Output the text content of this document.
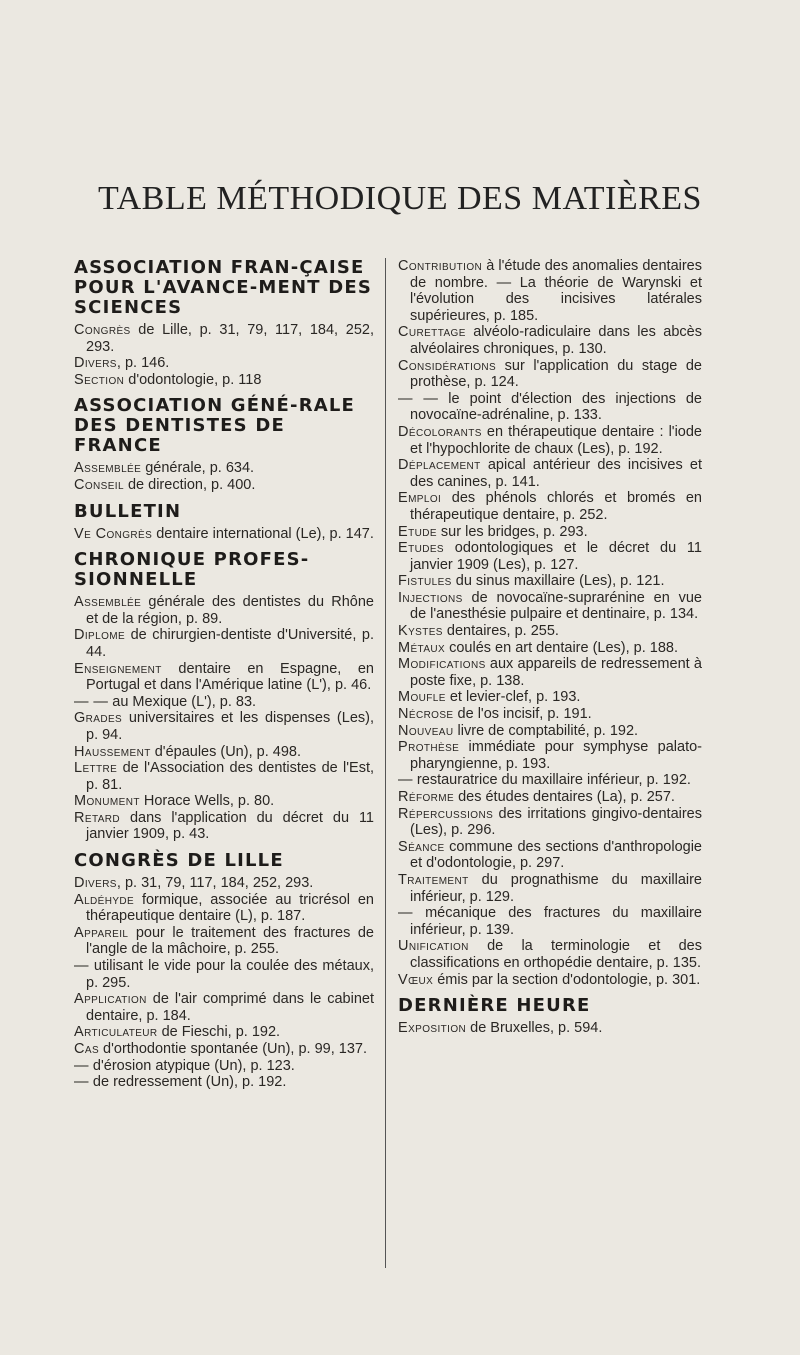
TABLE MÉTHODIQUE DES MATIÈRES
ASSOCIATION FRAN-ÇAISE POUR L'AVANCE-MENT DES SCIENCES

Congrès de Lille, p. 31, 79, 117, 184, 252, 293.

Divers, p. 146.

Section d'odontologie, p. 118

ASSOCIATION GÉNÉ-RALE DES DENTISTES DE FRANCE

Assemblée générale, p. 634.

Conseil de direction, p. 400.

BULLETIN

Ve Congrès dentaire international (Le), p. 147.

CHRONIQUE PROFES-SIONNELLE

Assemblée générale des dentistes du Rhône et de la région, p. 89.

Diplome de chirurgien-dentiste d'Université, p. 44.

Enseignement dentaire en Espagne, en Portugal et dans l'Amérique latine (L'), p. 46.

— — au Mexique (L'), p. 83.

Grades universitaires et les dispenses (Les), p. 94.

Haussement d'épaules (Un), p. 498.

Lettre de l'Association des dentistes de l'Est, p. 81.

Monument Horace Wells, p. 80.

Retard dans l'application du décret du 11 janvier 1909, p. 43.

CONGRÈS DE LILLE

Divers, p. 31, 79, 117, 184, 252, 293.

Aldéhyde formique, associée au tricrésol en thérapeutique dentaire (L), p. 187.

Appareil pour le traitement des fractures de l'angle de la mâchoire, p. 255.

— utilisant le vide pour la coulée des métaux, p. 295.

Application de l'air comprimé dans le cabinet dentaire, p. 184.

Articulateur de Fieschi, p. 192.

Cas d'orthodontie spontanée (Un), p. 99, 137.

— d'érosion atypique (Un), p. 123.

— de redressement (Un), p. 192.

Contribution à l'étude des anomalies dentaires de nombre. — La théorie de Warynski et l'évolution des incisives latérales supérieures, p. 185.

Curettage alvéolo-radiculaire dans les abcès alvéolaires chroniques, p. 130.

Considérations sur l'application du stage de prothèse, p. 124.

— — le point d'élection des injections de novocaïne-adrénaline, p. 133.

Décolorants en thérapeutique dentaire : l'iode et l'hypochlorite de chaux (Les), p. 192.

Déplacement apical antérieur des incisives et des canines, p. 141.

Emploi des phénols chlorés et bromés en thérapeutique dentaire, p. 252.

Etude sur les bridges, p. 293.

Etudes odontologiques et le décret du 11 janvier 1909 (Les), p. 127.

Fistules du sinus maxillaire (Les), p. 121.

Injections de novocaïne-suprarénine en vue de l'anesthésie pulpaire et dentinaire, p. 134.

Kystes dentaires, p. 255.

Métaux coulés en art dentaire (Les), p. 188.

Modifications aux appareils de redressement à poste fixe, p. 138.

Moufle et levier-clef, p. 193.

Nécrose de l'os incisif, p. 191.

Nouveau livre de comptabilité, p. 192.

Prothèse immédiate pour symphyse palato-pharyngienne, p. 193.

— restauratrice du maxillaire inférieur, p. 192.

Réforme des études dentaires (La), p. 257.

Répercussions des irritations gingivo-dentaires (Les), p. 296.

Séance commune des sections d'anthropologie et d'odontologie, p. 297.

Traitement du prognathisme du maxillaire inférieur, p. 129.

— mécanique des fractures du maxillaire inférieur, p. 139.

Unification de la terminologie et des classifications en orthopédie dentaire, p. 135.

Vœux émis par la section d'odontologie, p. 301.

DERNIÈRE HEURE

Exposition de Bruxelles, p. 594.
